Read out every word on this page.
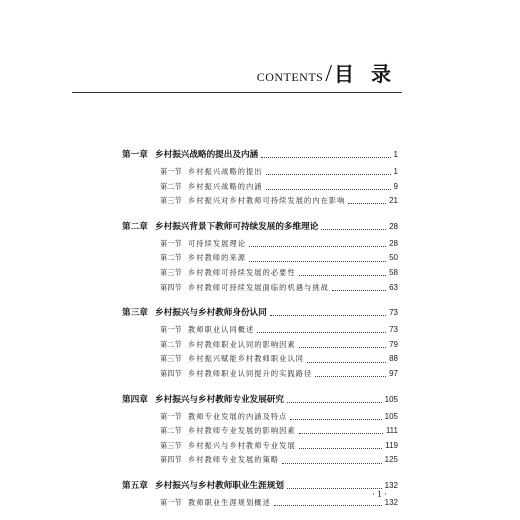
CONTENTS / 目 录
第一章 乡村振兴战略的提出及内涵	1
第一节 乡村振兴战略的提出	1
第二节 乡村振兴战略的内涵	9
第三节 乡村振兴对乡村教师可持续发展的内在影响	21
第二章 乡村振兴背景下教师可持续发展的多维理论	28
第一节 可持续发展理论	28
第二节 乡村教师的来源	50
第三节 乡村教师可持续发展的必要性	58
第四节 乡村教师可持续发展面临的机遇与挑战	63
第三章 乡村振兴与乡村教师身份认同	73
第一节 教师职业认同概述	73
第二节 乡村教师职业认同的影响因素	79
第三节 乡村振兴赋能乡村教师职业认同	88
第四节 乡村教师职业认同提升的实践路径	97
第四章 乡村振兴与乡村教师专业发展研究	105
第一节 教师专业发展的内涵及特点	105
第二节 乡村教师专业发展的影响因素	111
第三节 乡村振兴与乡村教师专业发展	119
第四节 乡村教师专业发展的策略	125
第五章 乡村振兴与乡村教师职业生涯规划	132
第一节 教师职业生涯规划概述	132
· 1 ·
